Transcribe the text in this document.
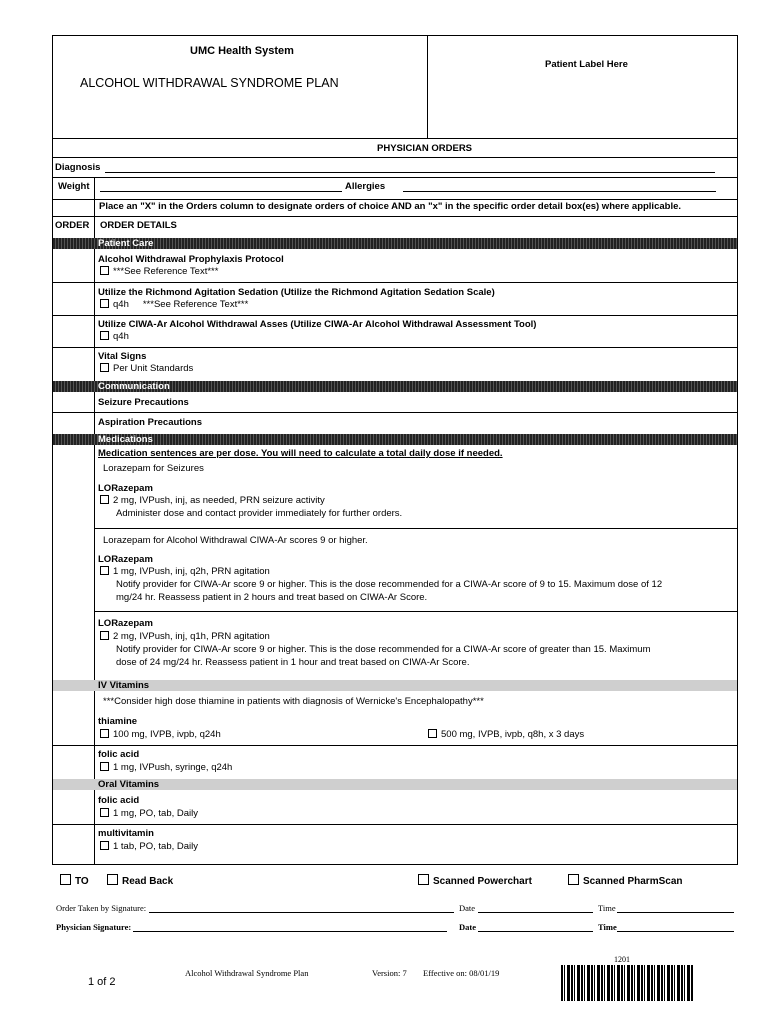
UMC Health System
ALCOHOL WITHDRAWAL SYNDROME PLAN
Patient Label Here
PHYSICIAN ORDERS
Diagnosis
Weight	Allergies
Place an "X" in the Orders column to designate orders of choice AND an "x" in the specific order detail box(es) where applicable.
ORDER ORDER DETAILS
Patient Care
Alcohol Withdrawal Prophylaxis Protocol
***See Reference Text***
Utilize the Richmond Agitation Sedation (Utilize the Richmond Agitation Sedation Scale)
q4h ***See Reference Text***
Utilize CIWA-Ar Alcohol Withdrawal Asses (Utilize CIWA-Ar Alcohol Withdrawal Assessment Tool)
q4h
Vital Signs
Per Unit Standards
Communication
Seizure Precautions
Aspiration Precautions
Medications
Medication sentences are per dose. You will need to calculate a total daily dose if needed.
Lorazepam for Seizures
LORazepam
2 mg, IVPush, inj, as needed, PRN seizure activity
Administer dose and contact provider immediately for further orders.
Lorazepam for Alcohol Withdrawal CIWA-Ar scores 9 or higher.
LORazepam
1 mg, IVPush, inj, q2h, PRN agitation
Notify provider for CIWA-Ar score 9 or higher. This is the dose recommended for a CIWA-Ar score of 9 to 15. Maximum dose of 12
mg/24 hr. Reassess patient in 2 hours and treat based on CIWA-Ar Score.
LORazepam
2 mg, IVPush, inj, q1h, PRN agitation
Notify provider for CIWA-Ar score 9 or higher. This is the dose recommended for a CIWA-Ar score of greater than 15. Maximum
dose of 24 mg/24 hr. Reassess patient in 1 hour and treat based on CIWA-Ar Score.
IV Vitamins
***Consider high dose thiamine in patients with diagnosis of Wernicke's Encephalopathy***
thiamine
100 mg, IVPB, ivpb, q24h	500 mg, IVPB, ivpb, q8h, x 3 days
folic acid
1 mg, IVPush, syringe, q24h
Oral Vitamins
folic acid
1 mg, PO, tab, Daily
multivitamin
1 tab, PO, tab, Daily
TO	Read Back	Scanned Powerchart	Scanned PharmScan
Order Taken by Signature:	Date	Time
Physician Signature:	Date	Time
1201
Alcohol Withdrawal Syndrome Plan	Version: 7 Effective on: 08/01/19
1 of 2
